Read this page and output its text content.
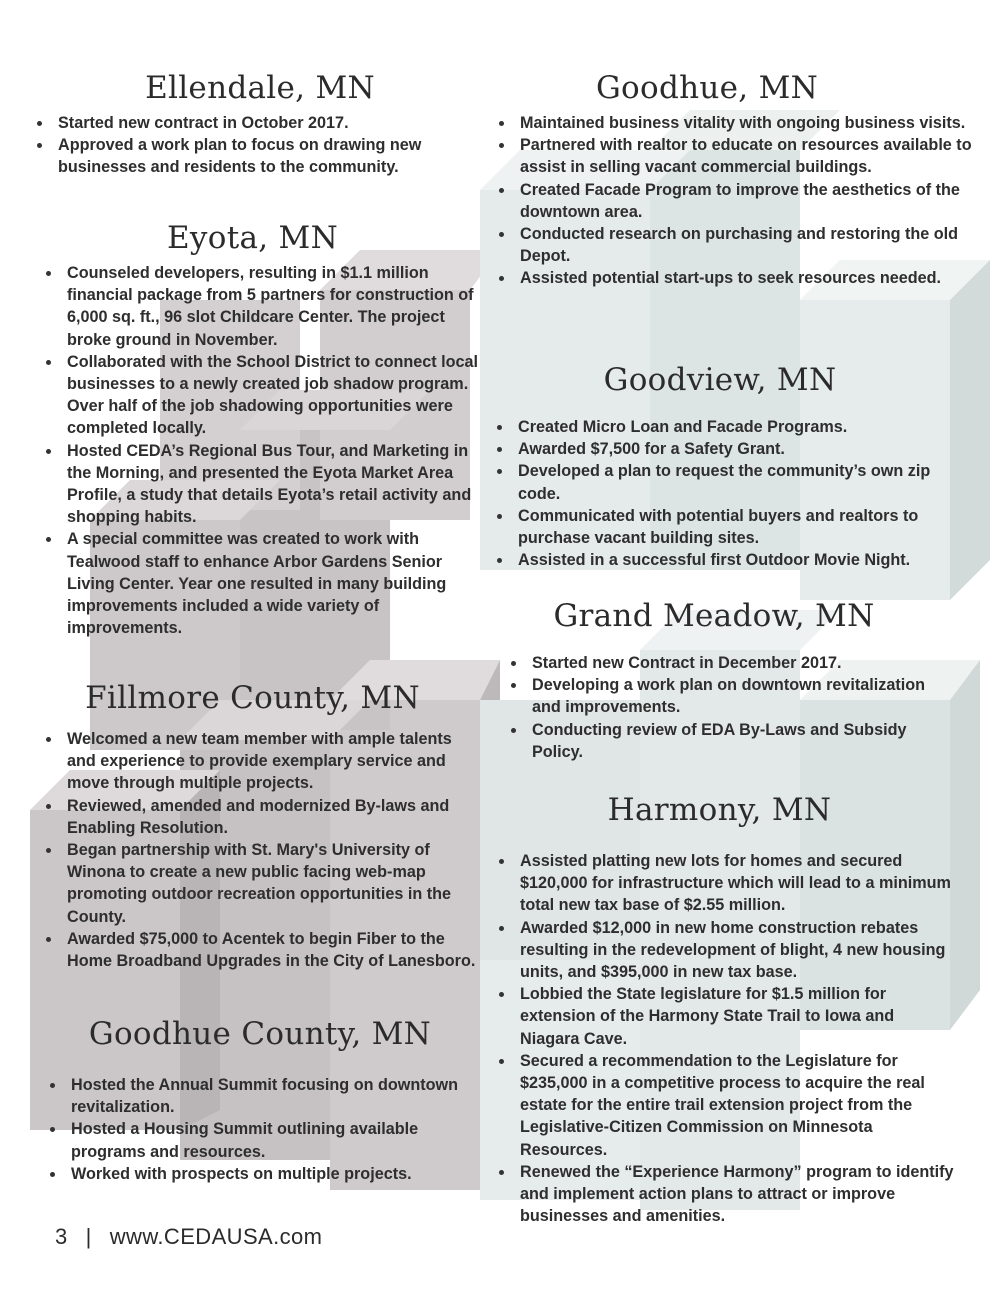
Ellendale, MN
Started new contract in October 2017.
Approved a work plan to focus on drawing new businesses and residents to the community.
Eyota, MN
Counseled developers, resulting in $1.1 million financial package from 5 partners for construction of 6,000 sq. ft., 96 slot Childcare Center. The project broke ground in November.
Collaborated with the School District to connect local businesses to a newly created job shadow program. Over half of the job shadowing opportunities were completed locally.
Hosted CEDA’s Regional Bus Tour, and Marketing in the Morning, and presented the Eyota Market Area Profile, a study that details Eyota’s retail activity and shopping habits.
A special committee was created to work with Tealwood staff to enhance Arbor Gardens Senior Living Center. Year one resulted in many building improvements included a wide variety of improvements.
Fillmore County, MN
Welcomed a new team member with ample talents and experience to provide exemplary service and move through multiple projects.
Reviewed, amended and modernized By-laws and Enabling Resolution.
Began partnership with St. Mary's University of Winona to create a new public facing web-map promoting outdoor recreation opportunities in the County.
Awarded $75,000 to Acentek to begin Fiber to the Home Broadband Upgrades in the City of Lanesboro.
Goodhue County, MN
Hosted the Annual Summit focusing on downtown revitalization.
Hosted a Housing Summit outlining available programs and resources.
Worked with prospects on multiple projects.
Goodhue, MN
Maintained business vitality with ongoing business visits.
Partnered with realtor to educate on resources available to assist in selling vacant commercial buildings.
Created Facade Program to improve the aesthetics of the downtown area.
Conducted research on purchasing and restoring the old Depot.
Assisted potential start-ups to seek resources needed.
Goodview, MN
Created Micro Loan and Facade Programs.
Awarded $7,500 for a Safety Grant.
Developed a plan to request the community’s own zip code.
Communicated with potential buyers and realtors to purchase vacant building sites.
Assisted in a successful first Outdoor Movie Night.
Grand Meadow, MN
Started new Contract in December 2017.
Developing a work plan on downtown revitalization and improvements.
Conducting review of EDA By-Laws and Subsidy Policy.
Harmony, MN
Assisted platting new lots for homes and secured $120,000 for infrastructure which will lead to a minimum total new tax base of $2.55 million.
Awarded $12,000 in new home construction rebates resulting in the redevelopment of blight, 4 new housing units, and $395,000 in new tax base.
Lobbied the State legislature for $1.5 million for extension of the Harmony State Trail to Iowa and Niagara Cave.
Secured a recommendation to the Legislature for $235,000 in a competitive process to acquire the real estate for the entire trail extension project from the Legislative-Citizen Commission on Minnesota Resources.
Renewed the “Experience Harmony” program to identify and implement action plans to attract or improve businesses and amenities.
3 | www.CEDAUSA.com
